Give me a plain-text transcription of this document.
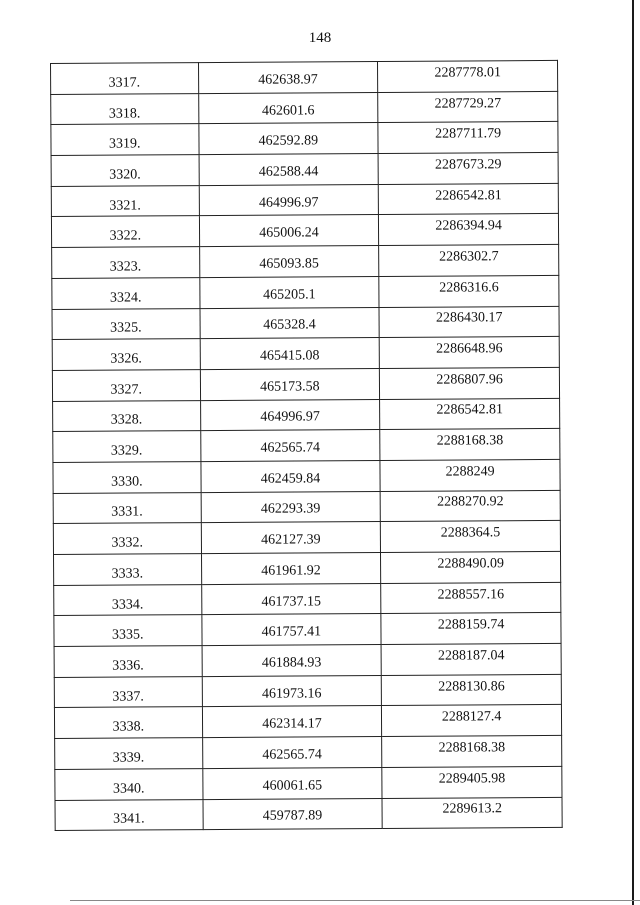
148
3317.	462638.97	2287778.01
3318.	462601.6	2287729.27
3319.	462592.89	2287711.79
3320.	462588.44	2287673.29
3321.	464996.97	2286542.81
3322.	465006.24	2286394.94
3323.	465093.85	2286302.7
3324.	465205.1	2286316.6
3325.	465328.4	2286430.17
3326.	465415.08	2286648.96
3327.	465173.58	2286807.96
3328.	464996.97	2286542.81
3329.	462565.74	2288168.38
3330.	462459.84	2288249
3331.	462293.39	2288270.92
3332.	462127.39	2288364.5
3333.	461961.92	2288490.09
3334.	461737.15	2288557.16
3335.	461757.41	2288159.74
3336.	461884.93	2288187.04
3337.	461973.16	2288130.86
3338.	462314.17	2288127.4
3339.	462565.74	2288168.38
3340.	460061.65	2289405.98
3341.	459787.89	2289613.2
